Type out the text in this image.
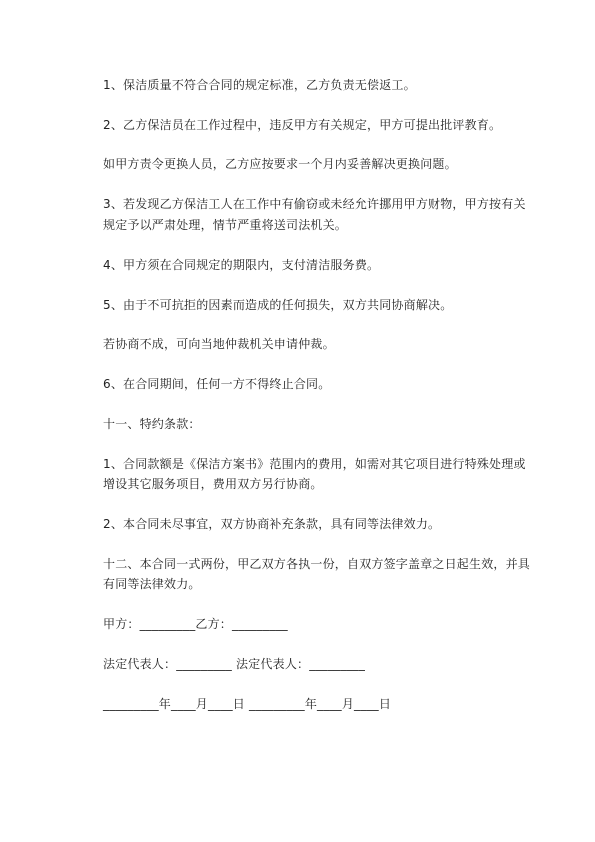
1、保洁质量不符合合同的规定标准，乙方负责无偿返工。
2、乙方保洁员在工作过程中，违反甲方有关规定，甲方可提出批评教育。
如甲方责令更换人员，乙方应按要求一个月内妥善解决更换问题。
3、若发现乙方保洁工人在工作中有偷窃或未经允许挪用甲方财物，甲方按有关
规定予以严肃处理，情节严重将送司法机关。
4、甲方须在合同规定的期限内，支付清洁服务费。
5、由于不可抗拒的因素而造成的任何损失，双方共同协商解决。
若协商不成，可向当地仲裁机关申请仲裁。
6、在合同期间，任何一方不得终止合同。
十一、特约条款：
1、合同款额是《保洁方案书》范围内的费用，如需对其它项目进行特殊处理或
增设其它服务项目，费用双方另行协商。
2、本合同未尽事宜，双方协商补充条款，具有同等法律效力。
十二、本合同一式两份，甲乙双方各执一份，自双方签字盖章之日起生效，并具
有同等法律效力。
甲方：_________乙方：_________
法定代表人：_________ 法定代表人：_________
_________年____月____日 _________年____月____日
